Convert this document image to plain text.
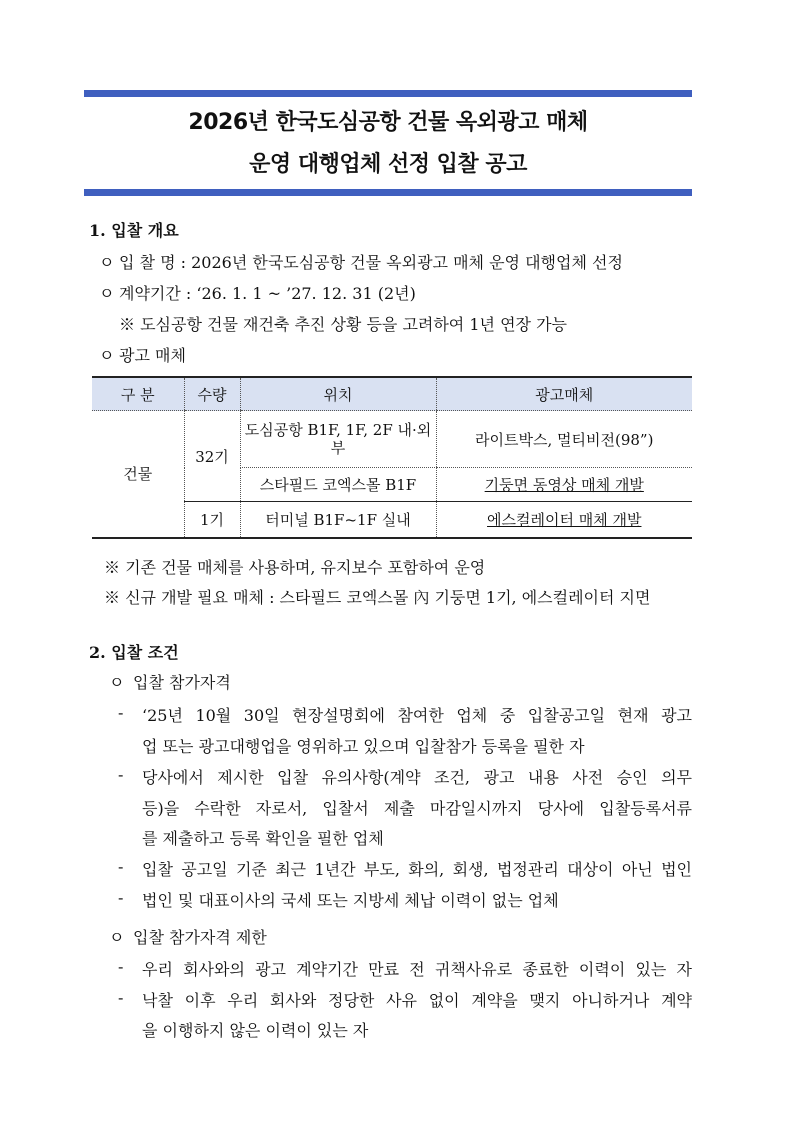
2026년 한국도심공항 건물 옥외광고 매체
운영 대행업체 선정 입찰 공고
1. 입찰 개요
ㅇ 입 찰 명 : 2026년 한국도심공항 건물 옥외광고 매체 운영 대행업체 선정
ㅇ 계약기간 : ‘26. 1. 1 ~ ’27. 12. 31 (2년)
※ 도심공항 건물 재건축 추진 상황 등을 고려하여 1년 연장 가능
ㅇ 광고 매체
구 분	수량	위치	광고매체
건물	32기	도심공항 B1F, 1F, 2F 내·외부	라이트박스, 멀티비전(98”)
		스타필드 코엑스몰 B1F	기둥면 동영상 매체 개발
	1기	터미널 B1F~1F 실내	에스컬레이터 매체 개발
※ 기존 건물 매체를 사용하며, 유지보수 포함하여 운영
※ 신규 개발 필요 매체 : 스타필드 코엑스몰 內 기둥면 1기, 에스컬레이터 지면
2. 입찰 조건
ㅇ 입찰 참가자격
- ‘25년 10월 30일 현장설명회에 참여한 업체 중 입찰공고일 현재 광고
업 또는 광고대행업을 영위하고 있으며 입찰참가 등록을 필한 자
- 당사에서 제시한 입찰 유의사항(계약 조건, 광고 내용 사전 승인 의무
등)을 수락한 자로서, 입찰서 제출 마감일시까지 당사에 입찰등록서류
를 제출하고 등록 확인을 필한 업체
- 입찰 공고일 기준 최근 1년간 부도, 화의, 회생, 법정관리 대상이 아닌 법인
- 법인 및 대표이사의 국세 또는 지방세 체납 이력이 없는 업체
ㅇ 입찰 참가자격 제한
- 우리 회사와의 광고 계약기간 만료 전 귀책사유로 종료한 이력이 있는 자
- 낙찰 이후 우리 회사와 정당한 사유 없이 계약을 맺지 아니하거나 계약
을 이행하지 않은 이력이 있는 자
